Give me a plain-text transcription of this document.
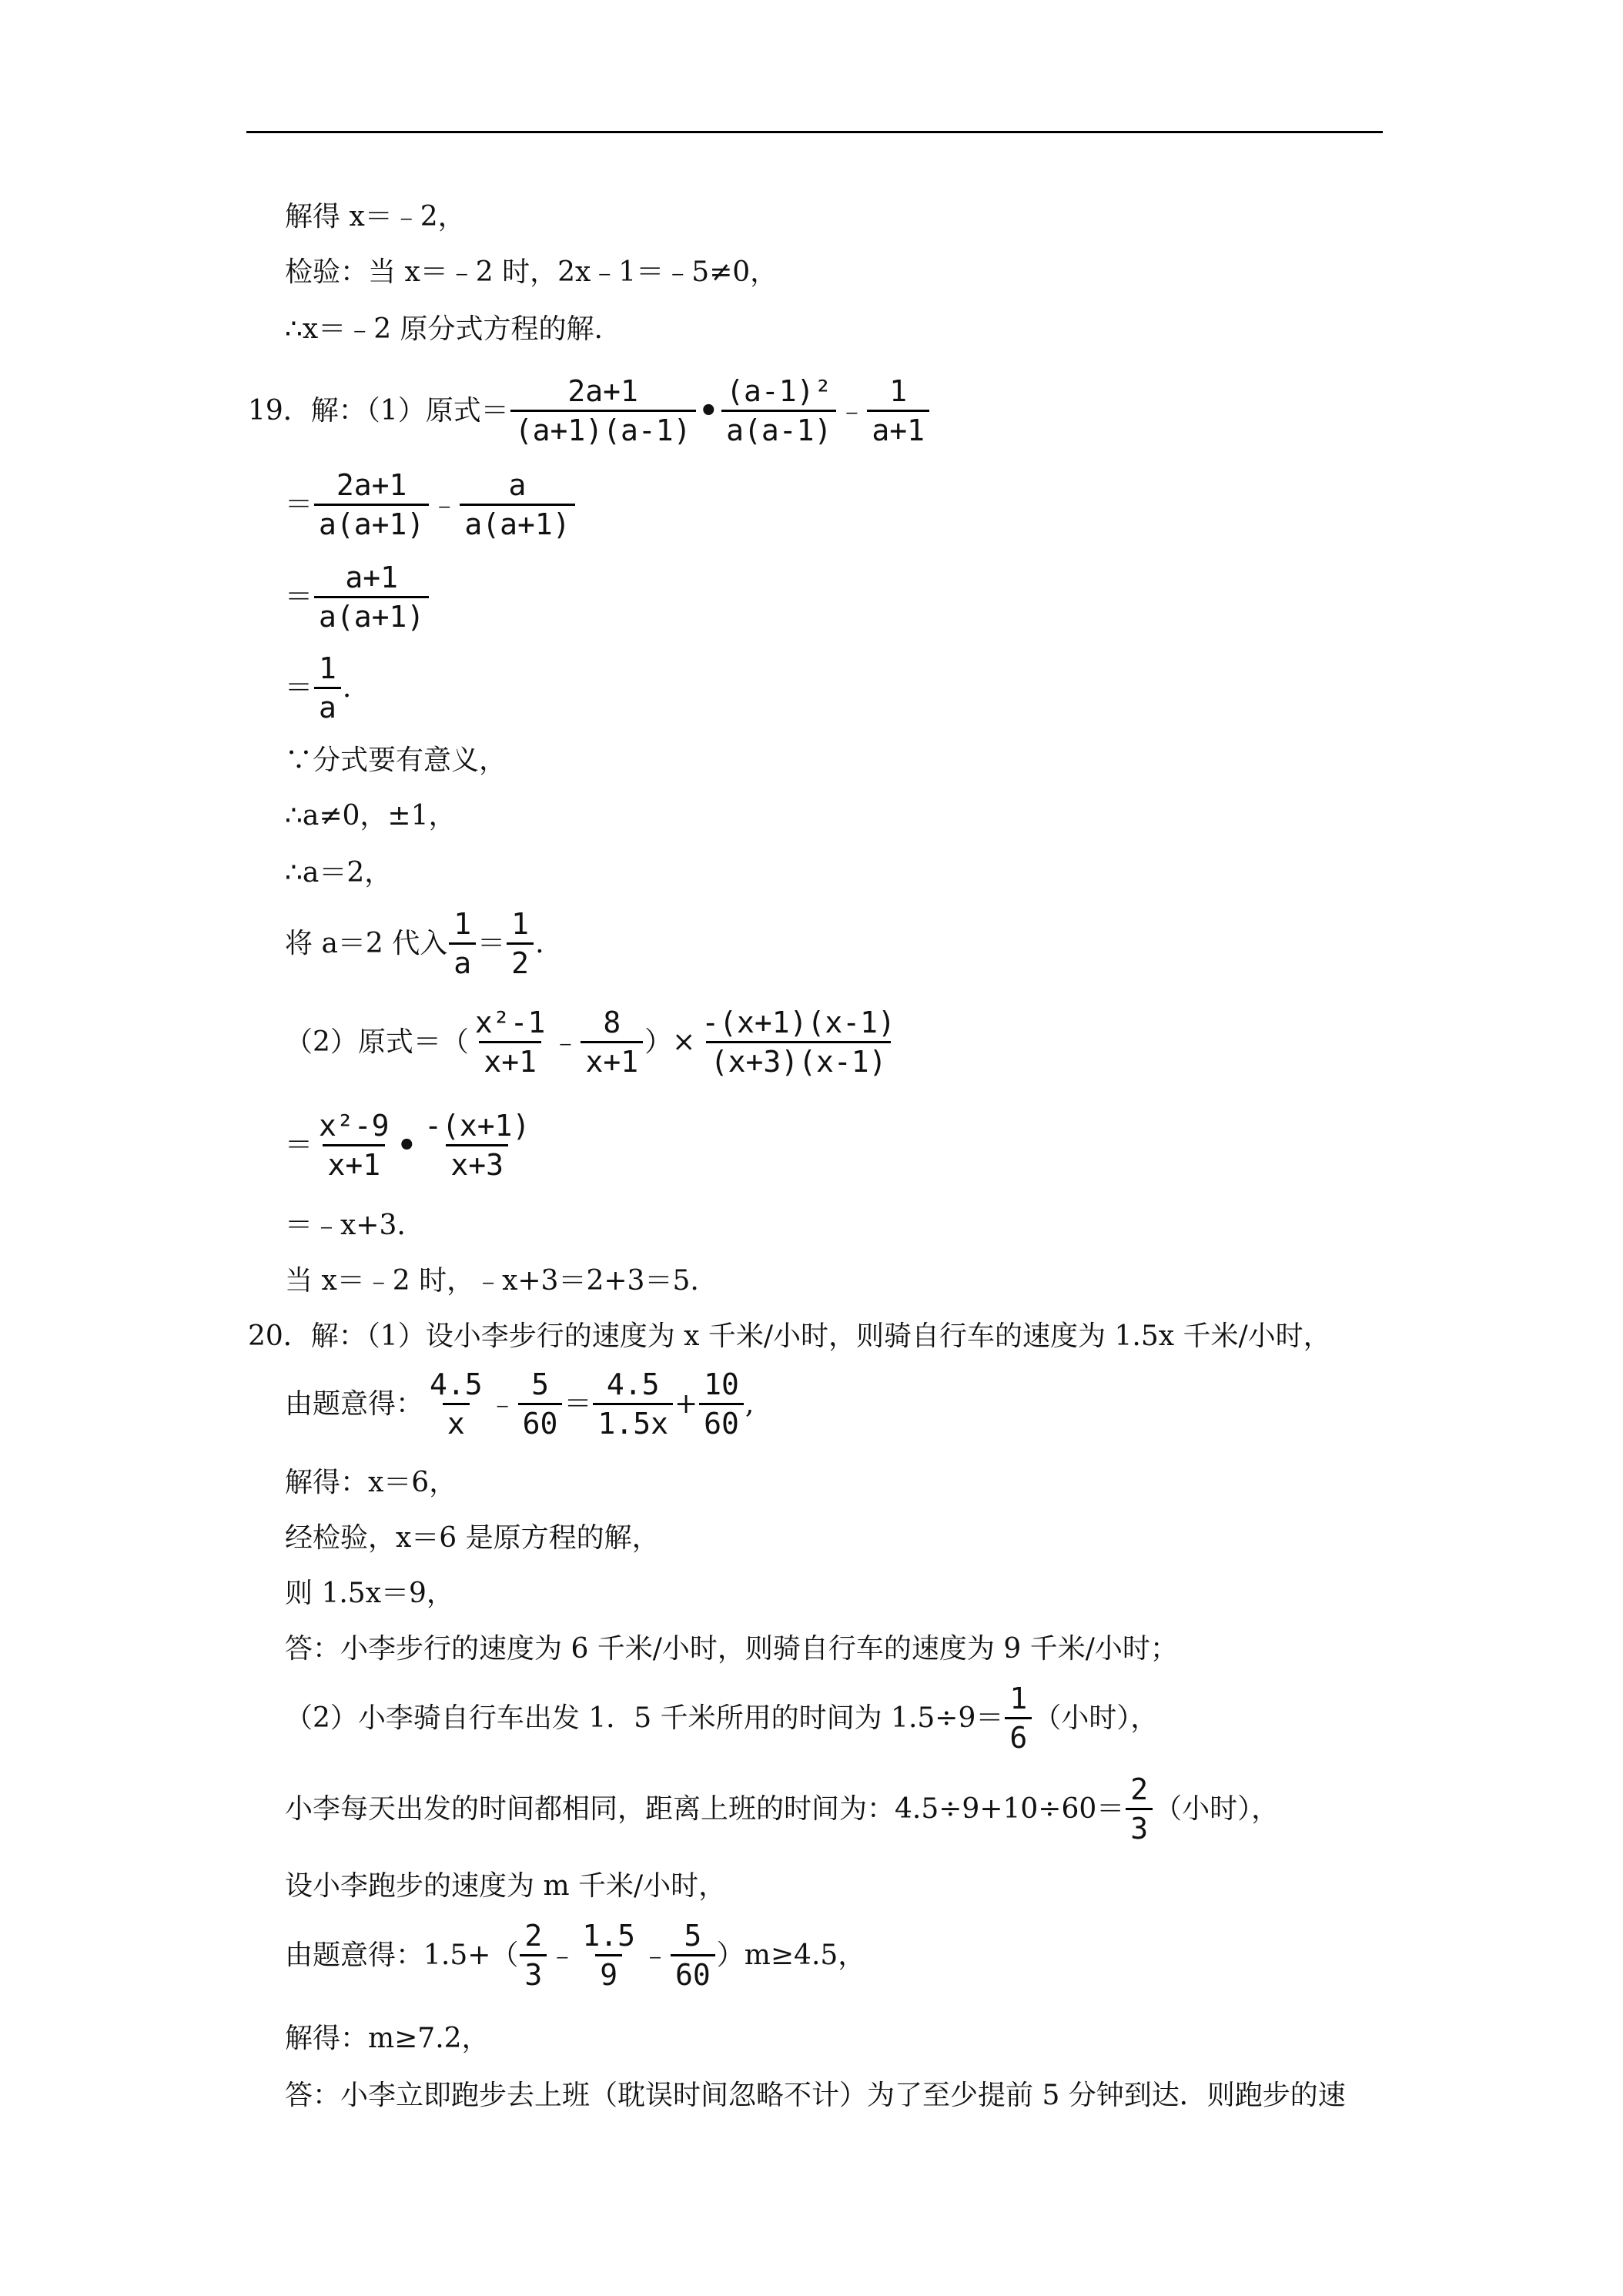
解得 x＝﹣2，
检验：当 x＝﹣2 时，2x﹣1＝﹣5≠0，
∴x＝﹣2 原分式方程的解.
19．解：（1）原式＝
2a+1
(a+1)(a-1)
•
(a-1)²
a(a-1)
﹣
1
a+1
＝
2a+1
a(a+1)
﹣
a
a(a+1)
＝
a+1
a(a+1)
＝
1
a
.
∵分式要有意义，
∴a≠0，±1，
∴a＝2，
将 a＝2 代入
1
a
＝
1
2
.
（2）原式＝（
x²-1
x+1
﹣
8
x+1
）× $\frac{-(x+1)(x-1)}{(x+3)(x-1)}$
＝
x²-9
x+1
•
-(x+1)
x+3
＝﹣x+3.
当 x＝﹣2 时，﹣x+3＝2+3＝5.
20．解：（1）设小李步行的速度为 x 千米/小时，则骑自行车的速度为 1.5x 千米/小时，
由题意得：
4.5
x
﹣
5
60
＝
4.5
1.5x
+ $\frac{10}{60}$ ,
解得：x＝6，
经检验，x＝6 是原方程的解，
则 1.5x＝9，
答：小李步行的速度为 6 千米/小时，则骑自行车的速度为 9 千米/小时；
（2）小李骑自行车出发 1．5 千米所用的时间为 1.5÷9＝
1
6
（小时），
小李每天出发的时间都相同，距离上班的时间为：4.5÷9+10÷60＝
2
3
（小时），
设小李跑步的速度为 m 千米/小时，
由题意得：1.5+（
2
3
﹣
1.5
9
﹣
5
60
）m≥4.5，
解得：m≥7.2，
答：小李立即跑步去上班（耽误时间忽略不计）为了至少提前 5 分钟到达．则跑步的速
